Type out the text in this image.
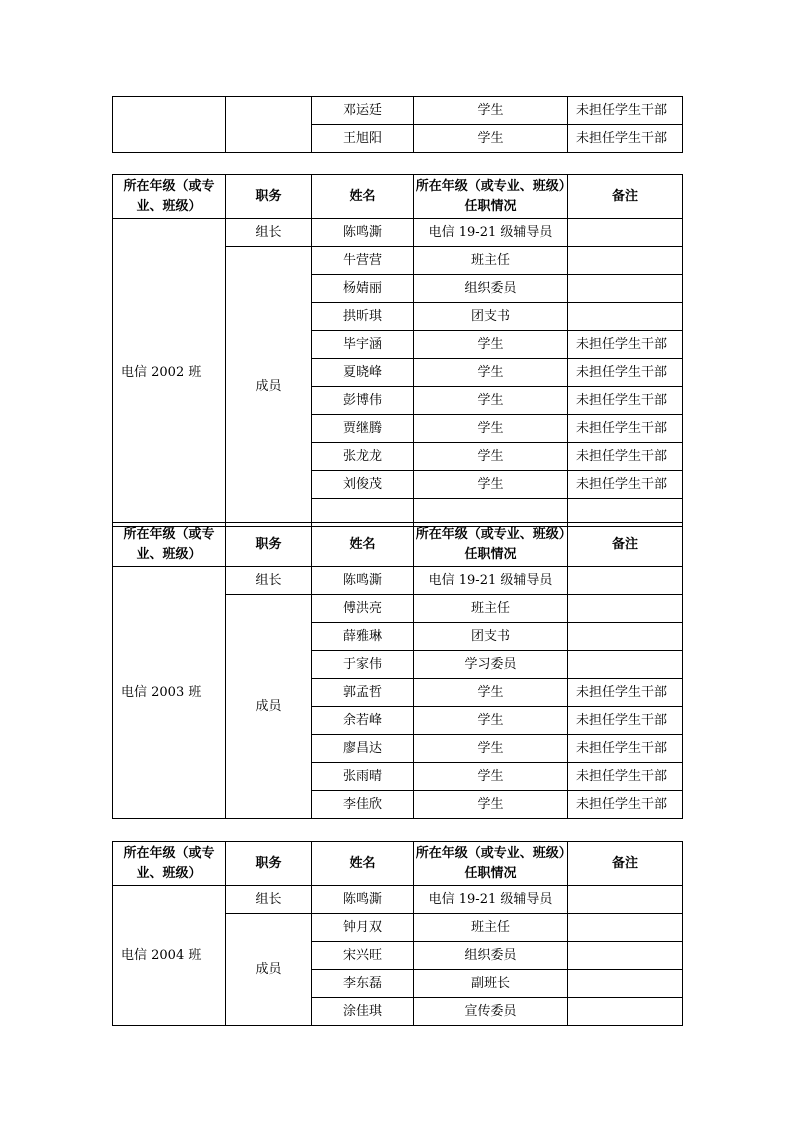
		邓运廷	学生	未担任学生干部
		王旭阳	学生	未担任学生干部
所在年级（或专业、班级）	职务	姓名	所在年级（或专业、班级）任职情况	备注
电信 2002 班	组长	陈鸣澌	电信 19-21 级辅导员	
	成员	牛营营	班主任	
		杨婧丽	组织委员	
		拱昕琪	团支书	
		毕宇涵	学生	未担任学生干部
		夏晓峰	学生	未担任学生干部
		彭博伟	学生	未担任学生干部
		贾继腾	学生	未担任学生干部
		张龙龙	学生	未担任学生干部
		刘俊茂	学生	未担任学生干部

所在年级（或专业、班级）	职务	姓名	所在年级（或专业、班级）任职情况	备注
电信 2003 班	组长	陈鸣澌	电信 19-21 级辅导员	
	成员	傅洪亮	班主任	
		薛雅琳	团支书	
		于家伟	学习委员	
		郭孟哲	学生	未担任学生干部
		余若峰	学生	未担任学生干部
		廖昌达	学生	未担任学生干部
		张雨晴	学生	未担任学生干部
		李佳欣	学生	未担任学生干部
所在年级（或专业、班级）	职务	姓名	所在年级（或专业、班级）任职情况	备注
电信 2004 班	组长	陈鸣澌	电信 19-21 级辅导员	
	成员	钟月双	班主任	
		宋兴旺	组织委员	
		李东磊	副班长	
		涂佳琪	宣传委员	
